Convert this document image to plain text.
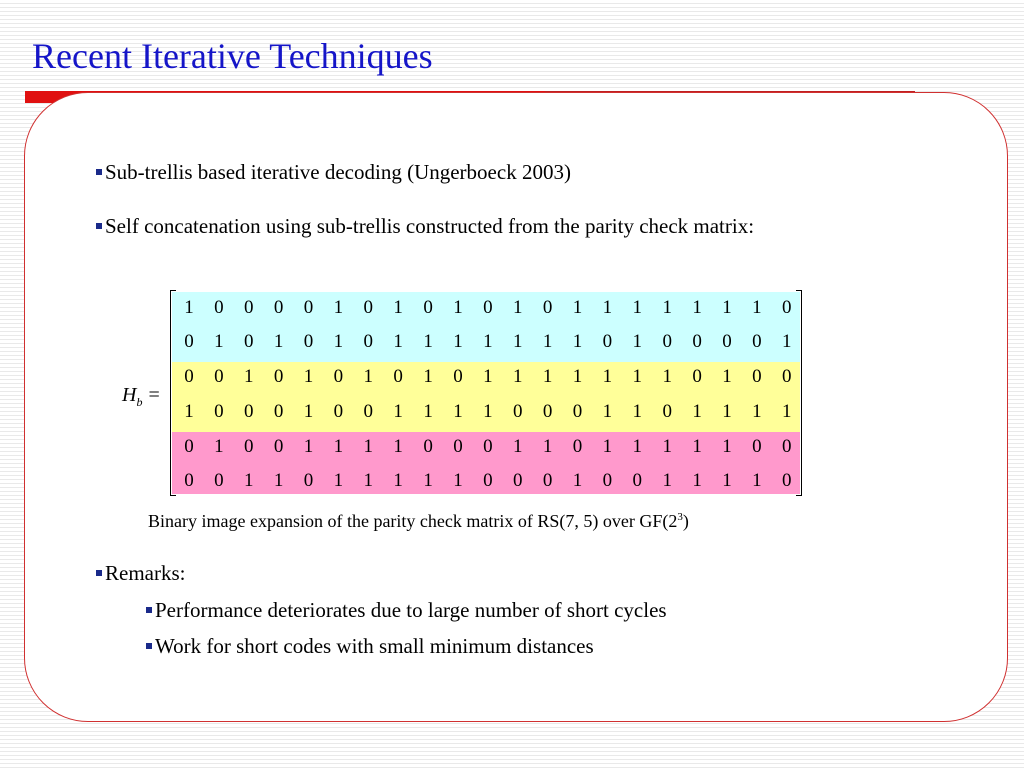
Recent Iterative Techniques
Sub-trellis based iterative decoding (Ungerboeck 2003)
Self concatenation using sub-trellis constructed from the parity check matrix:
$H_b$ =
1	0	0	0	0	1	0	1	0	1	0	1	0	1	1	1	1	1	1	1	0
0	1	0	1	0	1	0	1	1	1	1	1	1	1	0	1	0	0	0	0	1
0	0	1	0	1	0	1	0	1	0	1	1	1	1	1	1	1	0	1	0	0
1	0	0	0	1	0	0	1	1	1	1	0	0	0	1	1	0	1	1	1	1
0	1	0	0	1	1	1	1	0	0	0	1	1	0	1	1	1	1	1	0	0
0	0	1	1	0	1	1	1	1	1	0	0	0	1	0	0	1	1	1	1	0
Binary image expansion of the parity check matrix of RS(7, 5) over $GF(2^3)$
Remarks:
Performance deteriorates due to large number of short cycles
Work for short codes with small minimum distances
